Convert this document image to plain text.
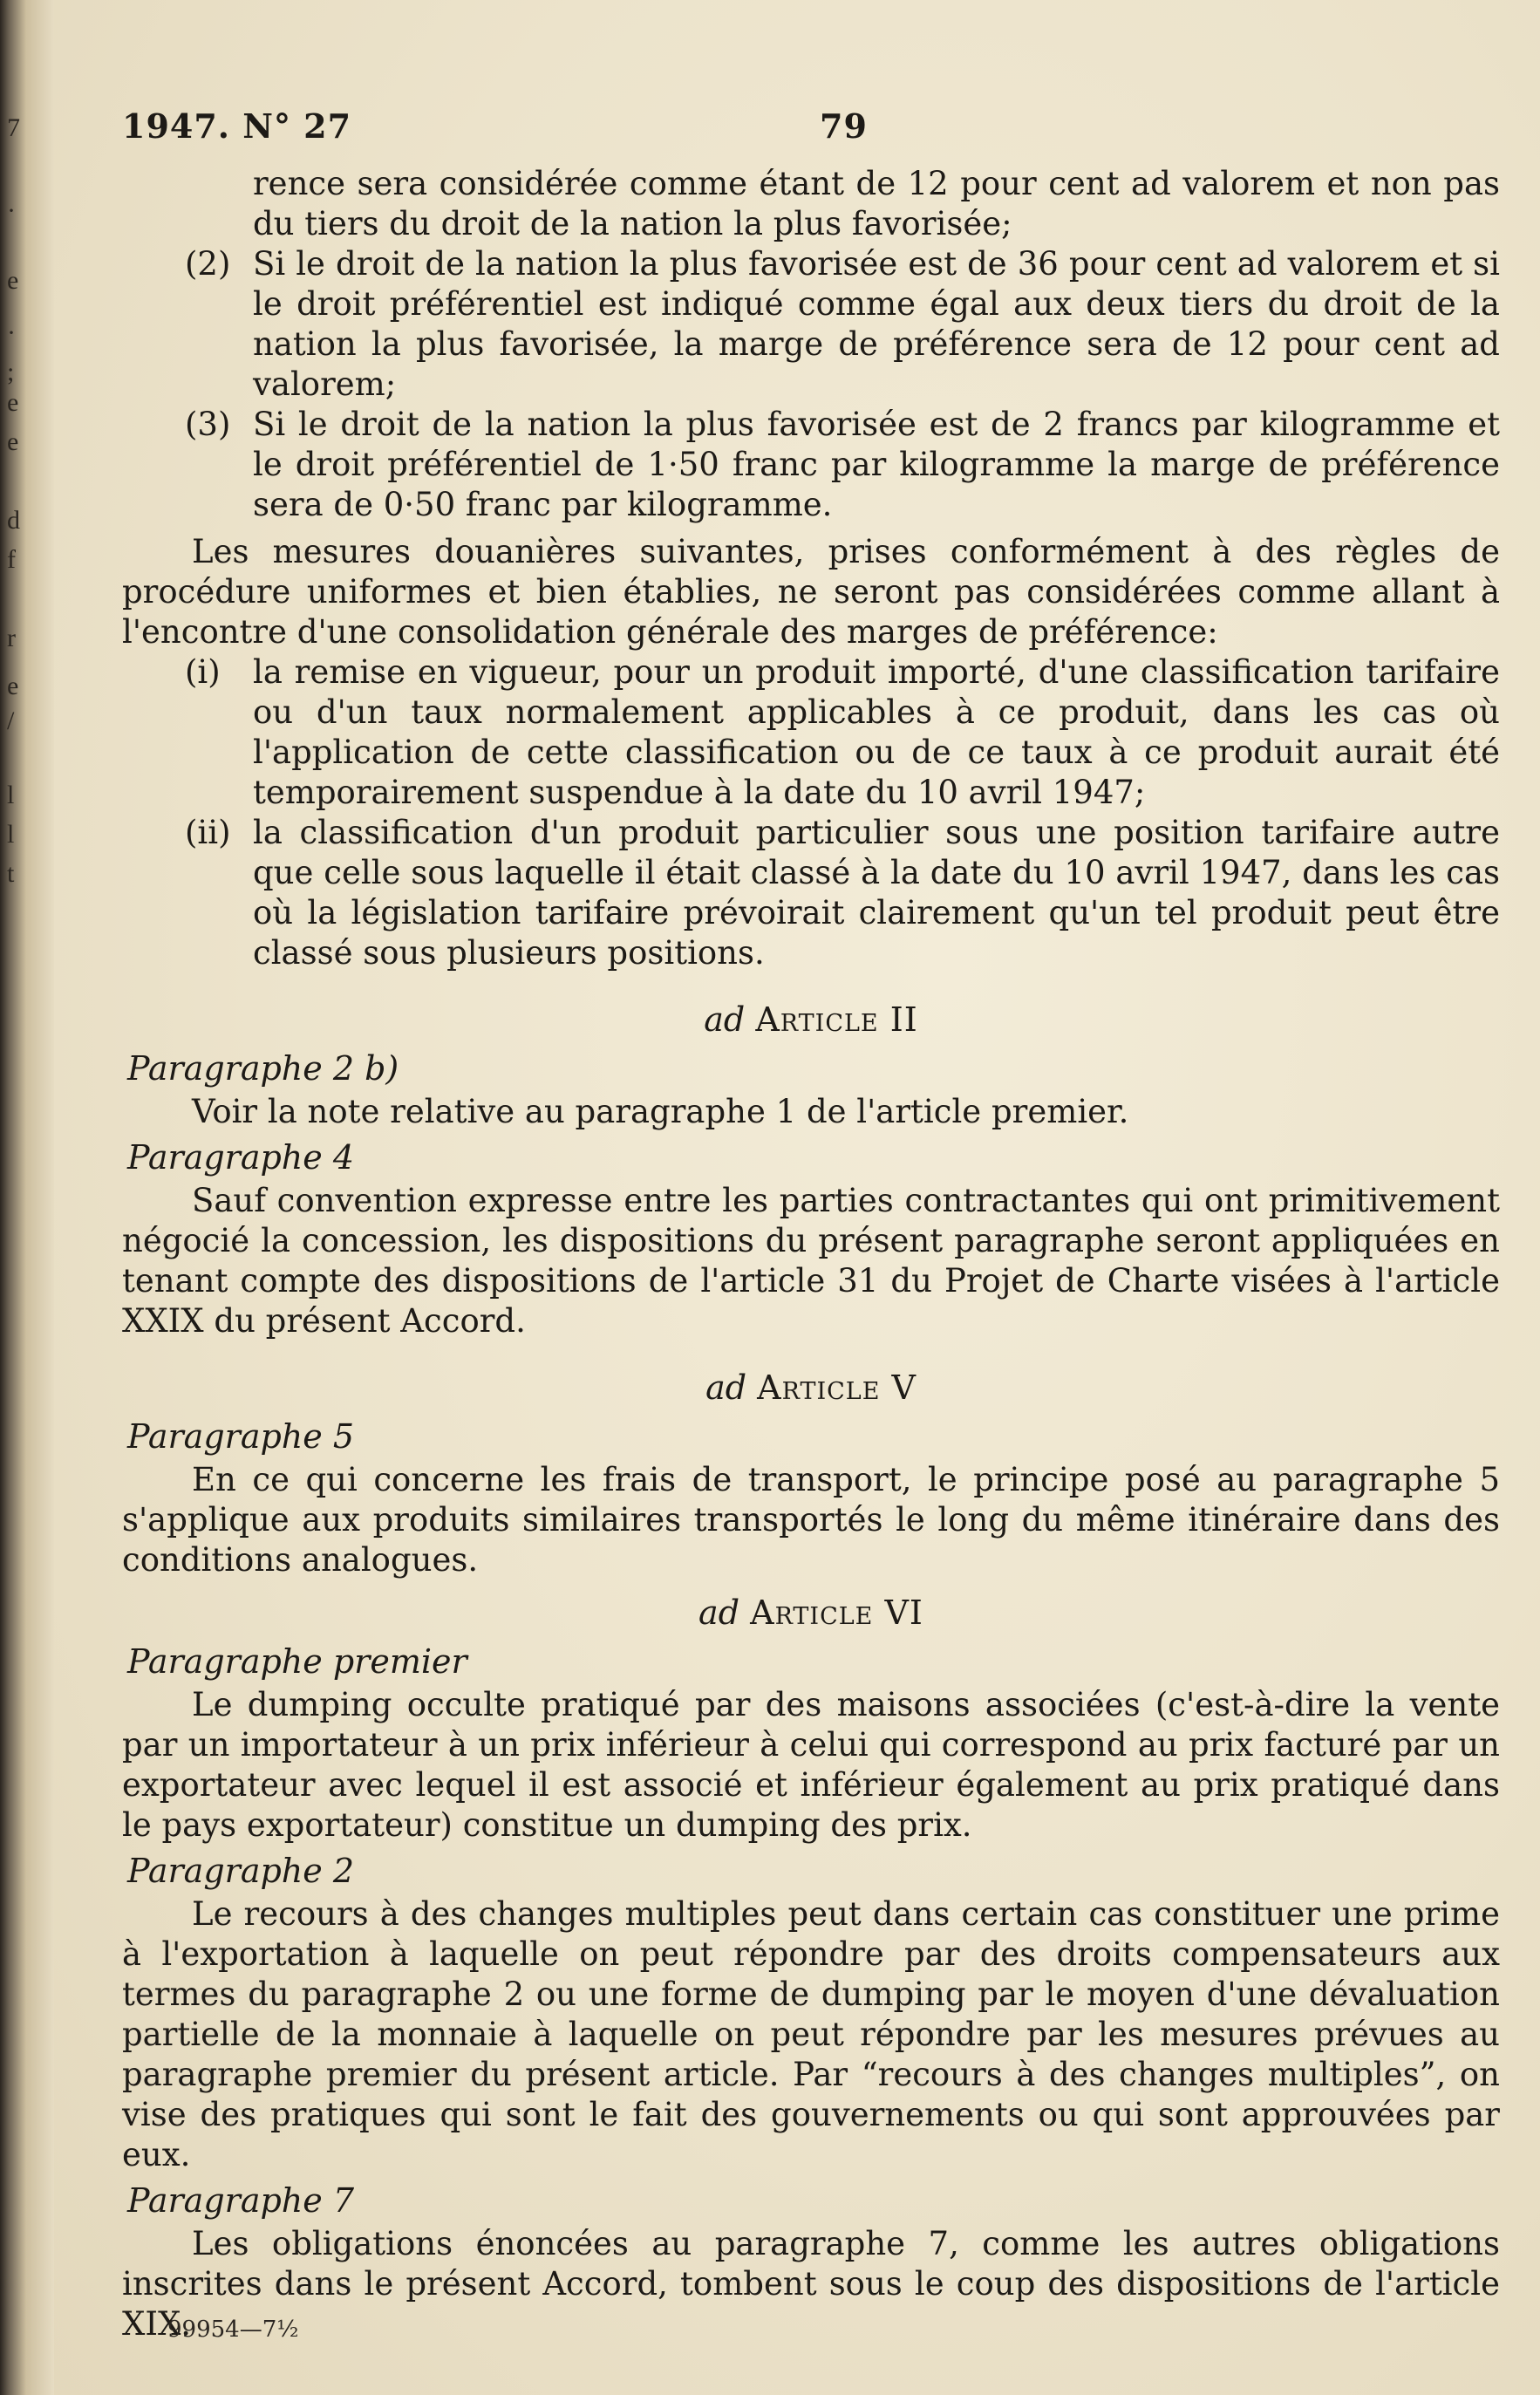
1947. N° 27	79

rence sera considérée comme étant de 12 pour cent ad valorem et non pas du tiers du droit de la nation la plus favorisée;

(2) Si le droit de la nation la plus favorisée est de 36 pour cent ad valorem et si le droit préférentiel est indiqué comme égal aux deux tiers du droit de la nation la plus favorisée, la marge de préférence sera de 12 pour cent ad valorem;

(3) Si le droit de la nation la plus favorisée est de 2 francs par kilogramme et le droit préférentiel de 1·50 franc par kilogramme la marge de préférence sera de 0·50 franc par kilogramme.

Les mesures douanières suivantes, prises conformément à des règles de procédure uniformes et bien établies, ne seront pas considérées comme allant à l'encontre d'une consolidation générale des marges de préférence:

(i) la remise en vigueur, pour un produit importé, d'une classification tarifaire ou d'un taux normalement applicables à ce produit, dans les cas où l'application de cette classification ou de ce taux à ce produit aurait été temporairement suspendue à la date du 10 avril 1947;

(ii) la classification d'un produit particulier sous une position tarifaire autre que celle sous laquelle il était classé à la date du 10 avril 1947, dans les cas où la législation tarifaire prévoirait clairement qu'un tel produit peut être classé sous plusieurs positions.

ad Article II
Paragraphe 2 b)

Voir la note relative au paragraphe 1 de l'article premier.

Paragraphe 4

Sauf convention expresse entre les parties contractantes qui ont primitivement négocié la concession, les dispositions du présent paragraphe seront appliquées en tenant compte des dispositions de l'article 31 du Projet de Charte visées à l'article XXIX du présent Accord.

ad Article V
Paragraphe 5

En ce qui concerne les frais de transport, le principe posé au paragraphe 5 s'applique aux produits similaires transportés le long du même itinéraire dans des conditions analogues.

ad Article VI
Paragraphe premier

Le dumping occulte pratiqué par des maisons associées (c'est-à-dire la vente par un importateur à un prix inférieur à celui qui correspond au prix facturé par un exportateur avec lequel il est associé et inférieur également au prix pratiqué dans le pays exportateur) constitue un dumping des prix.

Paragraphe 2

Le recours à des changes multiples peut dans certain cas constituer une prime à l'exportation à laquelle on peut répondre par des droits compensateurs aux termes du paragraphe 2 ou une forme de dumping par le moyen d'une dévaluation partielle de la monnaie à laquelle on peut répondre par les mesures prévues au paragraphe premier du présent article. Par “recours à des changes multiples”, on vise des pratiques qui sont le fait des gouvernements ou qui sont approuvées par eux.

Paragraphe 7

Les obligations énoncées au paragraphe 7, comme les autres obligations inscrites dans le présent Accord, tombent sous le coup des dispositions de l'article XIX.

99954—7½
7
·
e
·
;
e
e
d
f
r
e
/
l
l
t
